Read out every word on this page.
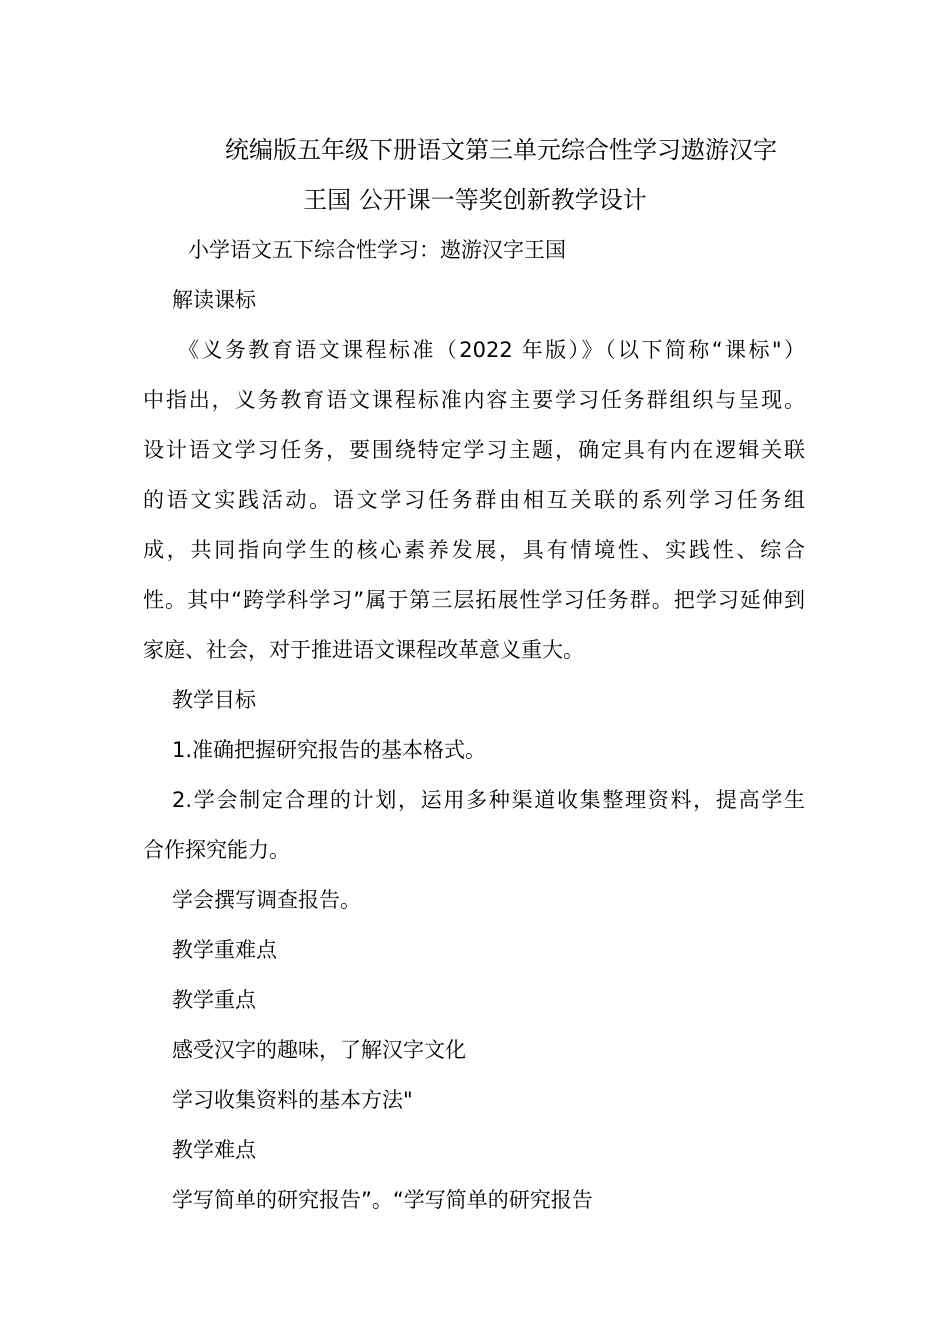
统编版五年级下册语文第三单元综合性学习遨游汉字
王国 公开课一等奖创新教学设计
小学语文五下综合性学习：遨游汉字王国
解读课标
《义务教育语文课程标准（2022 年版）》（以下简称“课标"）
中指出，义务教育语文课程标准内容主要学习任务群组织与呈现。
设计语文学习任务，要围绕特定学习主题，确定具有内在逻辑关联
的语文实践活动。语文学习任务群由相互关联的系列学习任务组
成，共同指向学生的核心素养发展，具有情境性、实践性、综合
性。其中“跨学科学习”属于第三层拓展性学习任务群。把学习延伸到
家庭、社会，对于推进语文课程改革意义重大。
教学目标
1.准确把握研究报告的基本格式。
2.学会制定合理的计划，运用多种渠道收集整理资料，提高学生
合作探究能力。
学会撰写调查报告。
教学重难点
教学重点
感受汉字的趣味，了解汉字文化
学习收集资料的基本方法"
教学难点
学写简单的研究报告”。“学写简单的研究报告
